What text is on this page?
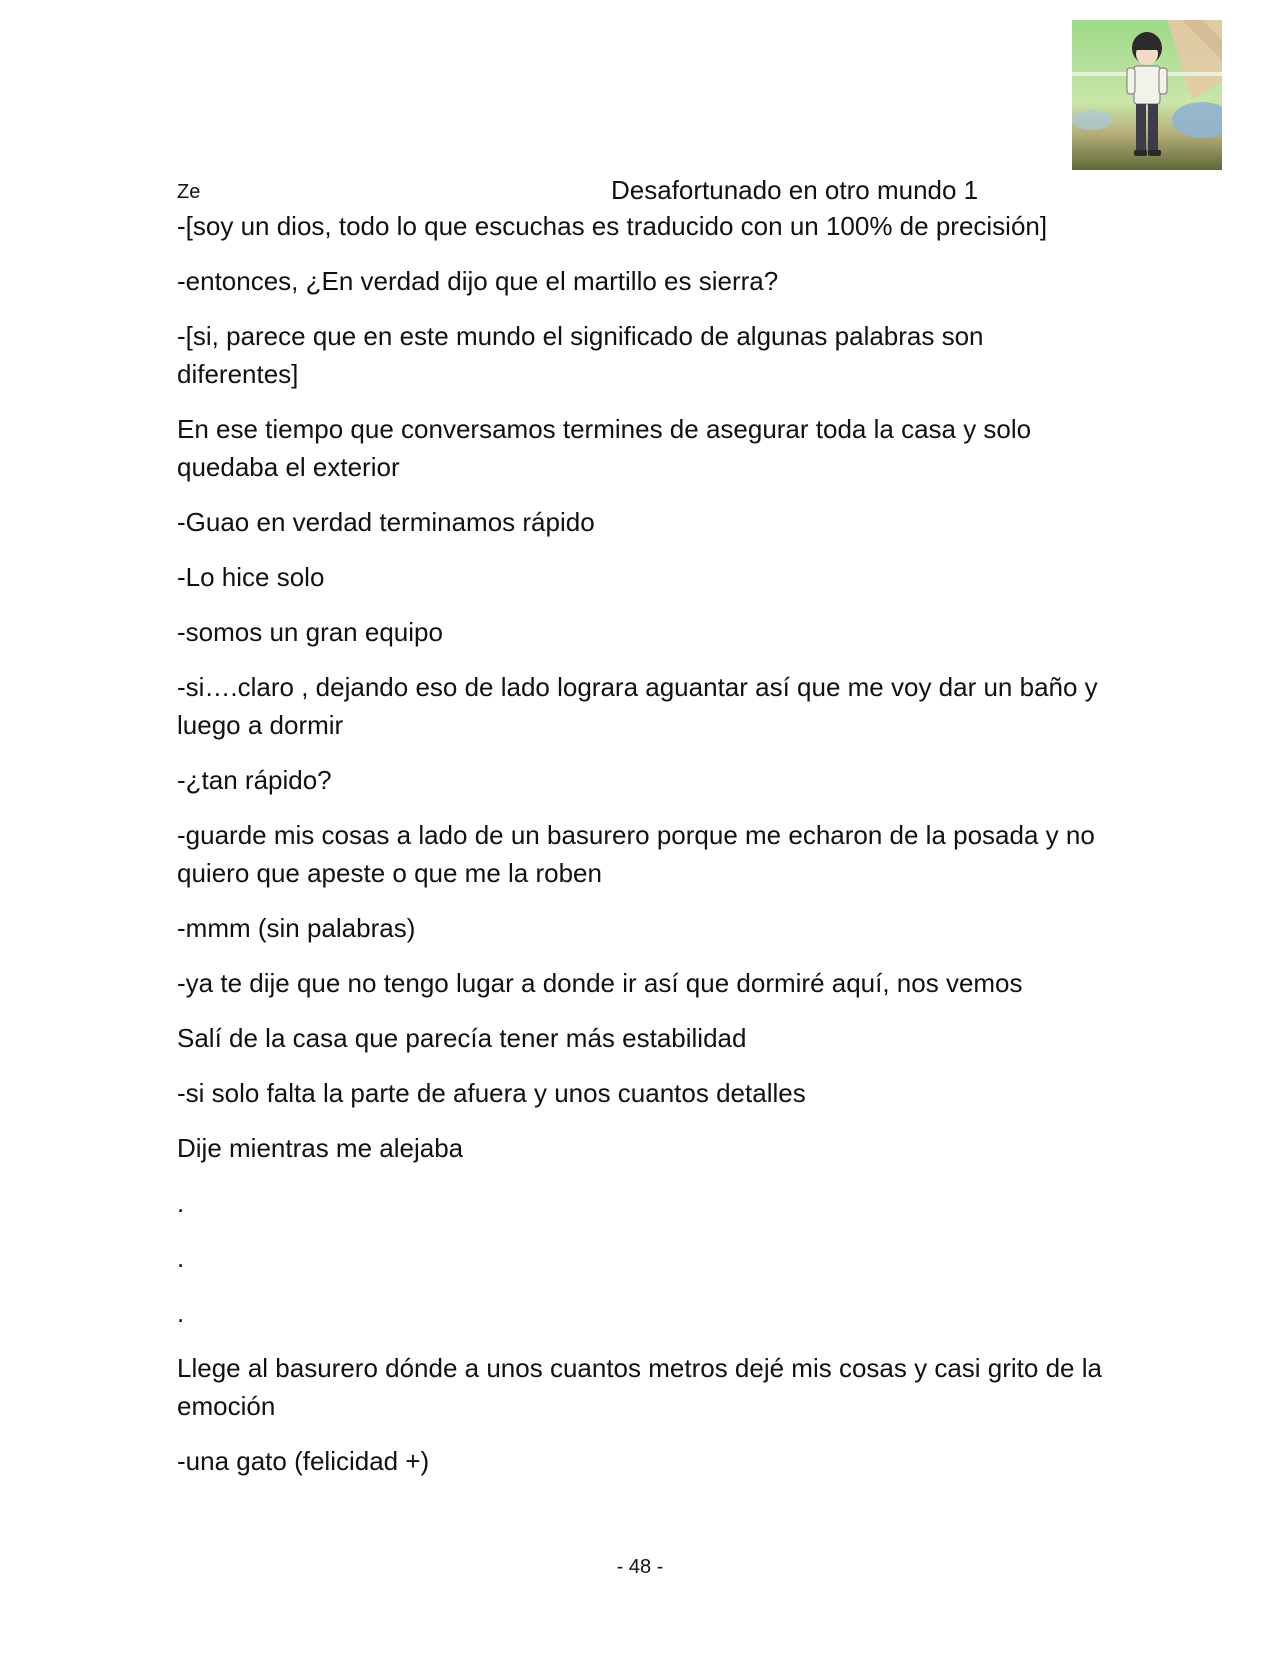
Ze	Desafortunado en otro mundo 1

-[soy un dios, todo lo que escuchas es traducido con un 100% de precisión]

-entonces, ¿En verdad dijo que el martillo es sierra?

-[si, parece que en este mundo el significado de algunas palabras son diferentes]

En ese tiempo que conversamos termines de asegurar toda la casa y solo quedaba el exterior

-Guao en verdad terminamos rápido

-Lo hice solo

-somos un gran equipo

-si….claro , dejando eso de lado lograra aguantar así que me voy dar un baño y luego a dormir

-¿tan rápido?

-guarde mis cosas a lado de un basurero porque me echaron de la posada y no quiero que apeste o que me la roben

-mmm (sin palabras)

-ya te dije que no tengo lugar a donde ir así que dormiré aquí, nos vemos

Salí de la casa que parecía tener más estabilidad

-si solo falta la parte de afuera y unos cuantos detalles

Dije mientras me alejaba

.

.

.

Llege al basurero dónde a unos cuantos metros dejé mis cosas y casi grito de la emoción

-una gato (felicidad +)

- 48 -
